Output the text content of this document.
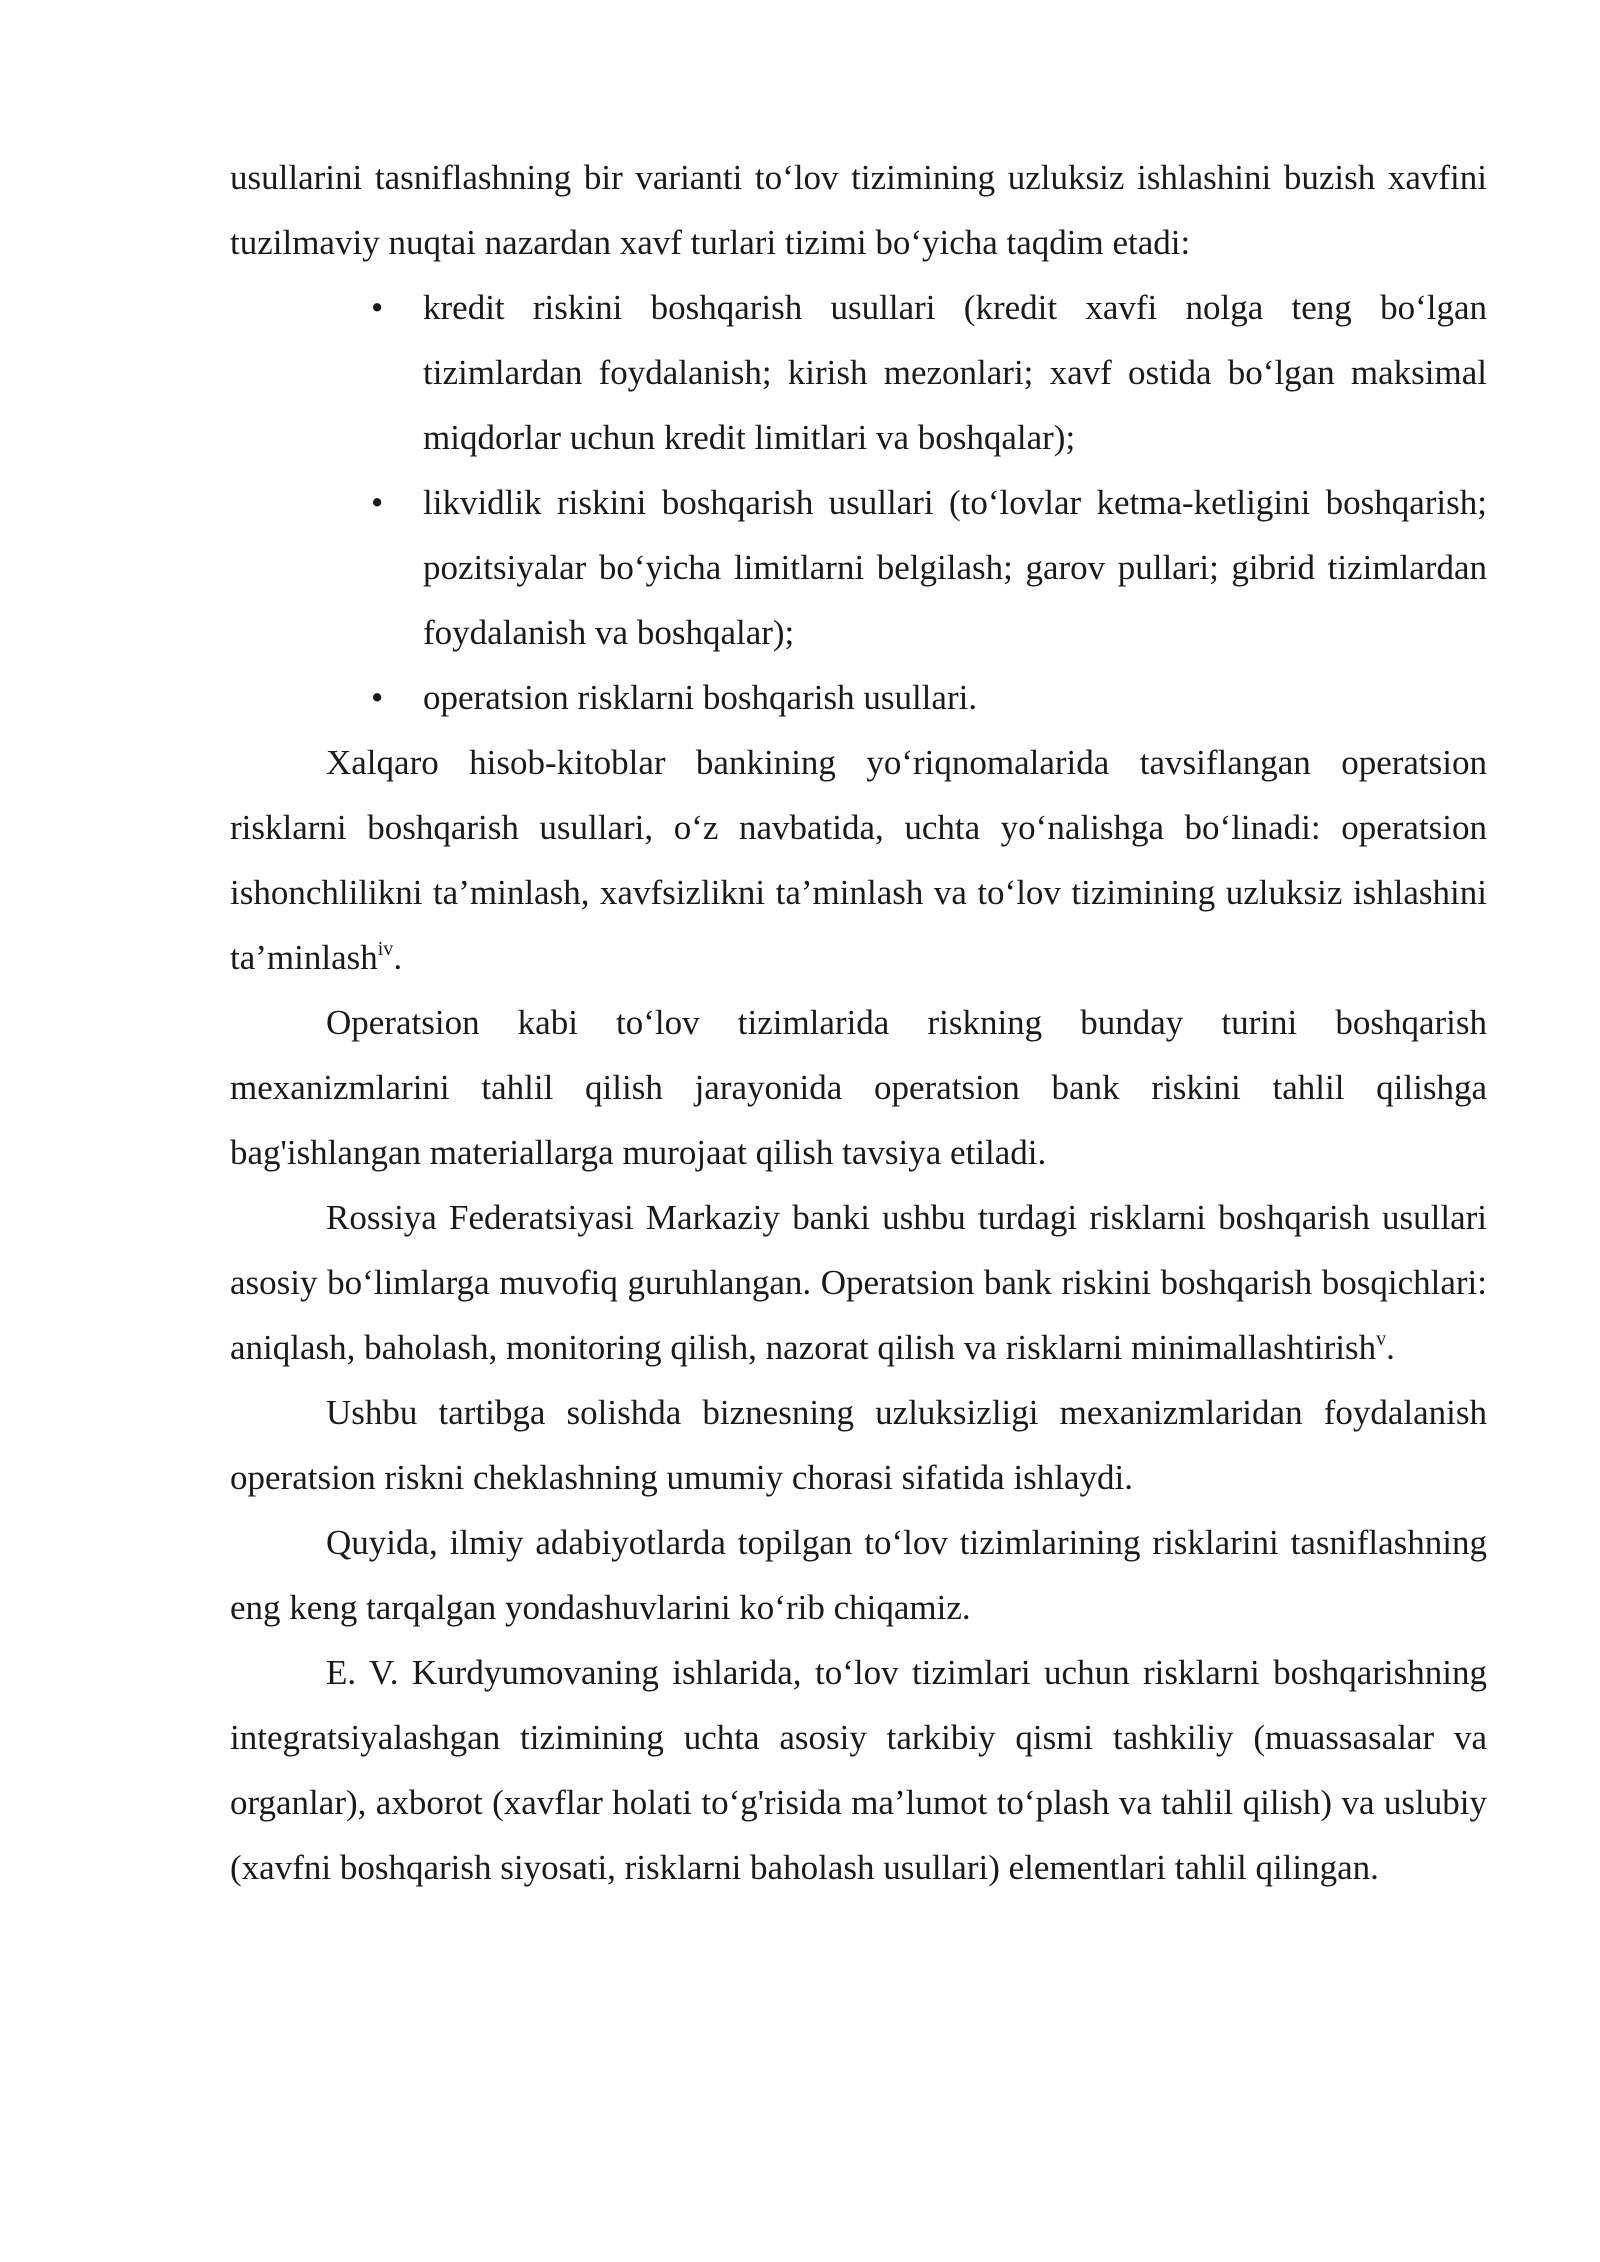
usullarini tasniflashning bir varianti to‘lov tizimining uzluksiz ishlashini buzish xavfini tuzilmaviy nuqtai nazardan xavf turlari tizimi bo‘yicha taqdim etadi:

• kredit riskini boshqarish usullari (kredit xavfi nolga teng bo‘lgan tizimlardan foydalanish; kirish mezonlari; xavf ostida bo‘lgan maksimal miqdorlar uchun kredit limitlari va boshqalar);
• likvidlik riskini boshqarish usullari (to‘lovlar ketma-ketligini boshqarish; pozitsiyalar bo‘yicha limitlarni belgilash; garov pullari; gibrid tizimlardan foydalanish va boshqalar);
• operatsion risklarni boshqarish usullari.

Xalqaro hisob-kitoblar bankining yo‘riqnomalarida tavsiflangan operatsion risklarni boshqarish usullari, o‘z navbatida, uchta yo‘nalishga bo‘linadi: operatsion ishonchlilikni ta’minlash, xavfsizlikni ta’minlash va to‘lov tizimining uzluksiz ishlashini ta’minlash$^{iv}$.

Operatsion kabi to‘lov tizimlarida riskning bunday turini boshqarish mexanizmlarini tahlil qilish jarayonida operatsion bank riskini tahlil qilishga bag'ishlangan materiallarga murojaat qilish tavsiya etiladi.

Rossiya Federatsiyasi Markaziy banki ushbu turdagi risklarni boshqarish usullari asosiy bo‘limlarga muvofiq guruhlangan. Operatsion bank riskini boshqarish bosqichlari: aniqlash, baholash, monitoring qilish, nazorat qilish va risklarni minimallashtirish$^v$.

Ushbu tartibga solishda biznesning uzluksizligi mexanizmlaridan foydalanish operatsion riskni cheklashning umumiy chorasi sifatida ishlaydi.

Quyida, ilmiy adabiyotlarda topilgan to‘lov tizimlarining risklarini tasniflashning eng keng tarqalgan yondashuvlarini ko‘rib chiqamiz.

E. V. Kurdyumovaning ishlarida, to‘lov tizimlari uchun risklarni boshqarishning integratsiyalashgan tizimining uchta asosiy tarkibiy qismi tashkiliy (muassasalar va organlar), axborot (xavflar holati to‘g'risida ma’lumot to‘plash va tahlil qilish) va uslubiy (xavfni boshqarish siyosati, risklarni baholash usullari) elementlari tahlil qilingan.
